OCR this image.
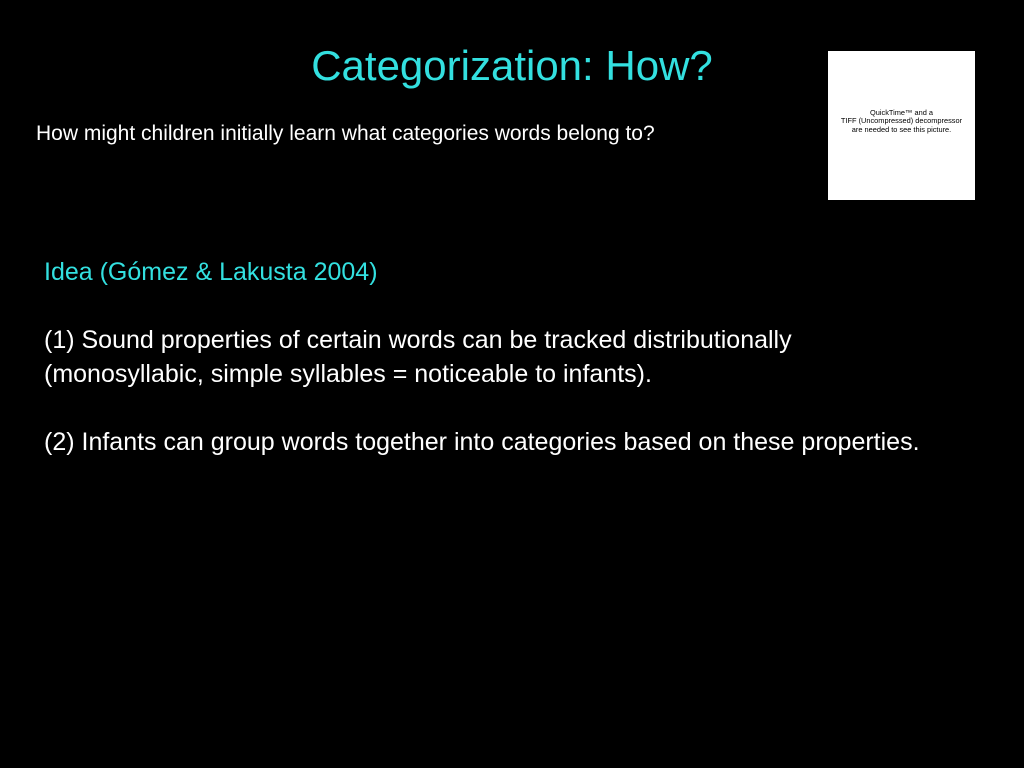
Categorization: How?
How might children initially learn what categories words belong to?
QuickTime™ and a
TIFF (Uncompressed) decompressor
are needed to see this picture.

Idea (Gómez & Lakusta 2004)

(1) Sound properties of certain words can be tracked distributionally (monosyllabic, simple syllables = noticeable to infants).

(2) Infants can group words together into categories based on these properties.
